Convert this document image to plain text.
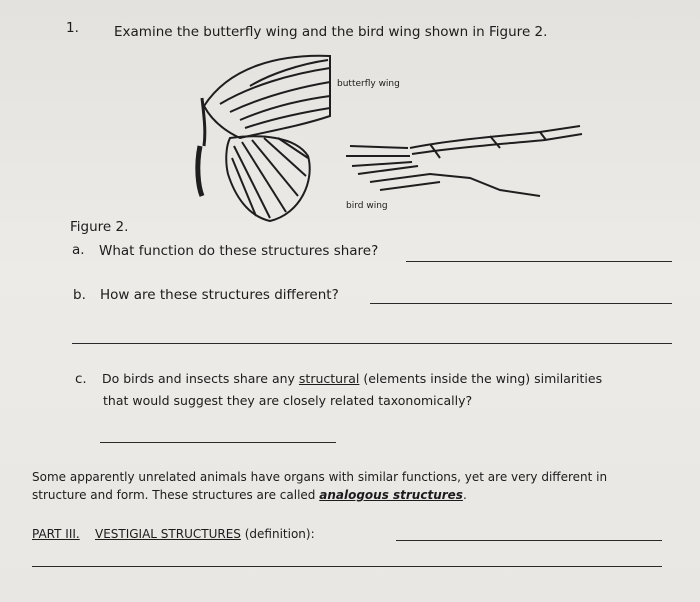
1.	Examine the butterfly wing and the bird wing shown in Figure 2.
butterfly wing
bird wing
Figure 2.
a. What function do these structures share?
b. How are these structures different?
c. Do birds and insects share any structural (elements inside the wing) similarities
that would suggest they are closely related taxonomically?
Some apparently unrelated animals have organs with similar functions, yet are very different in
structure and form. These structures are called analogous structures.
PART III. VESTIGIAL STRUCTURES (definition):
